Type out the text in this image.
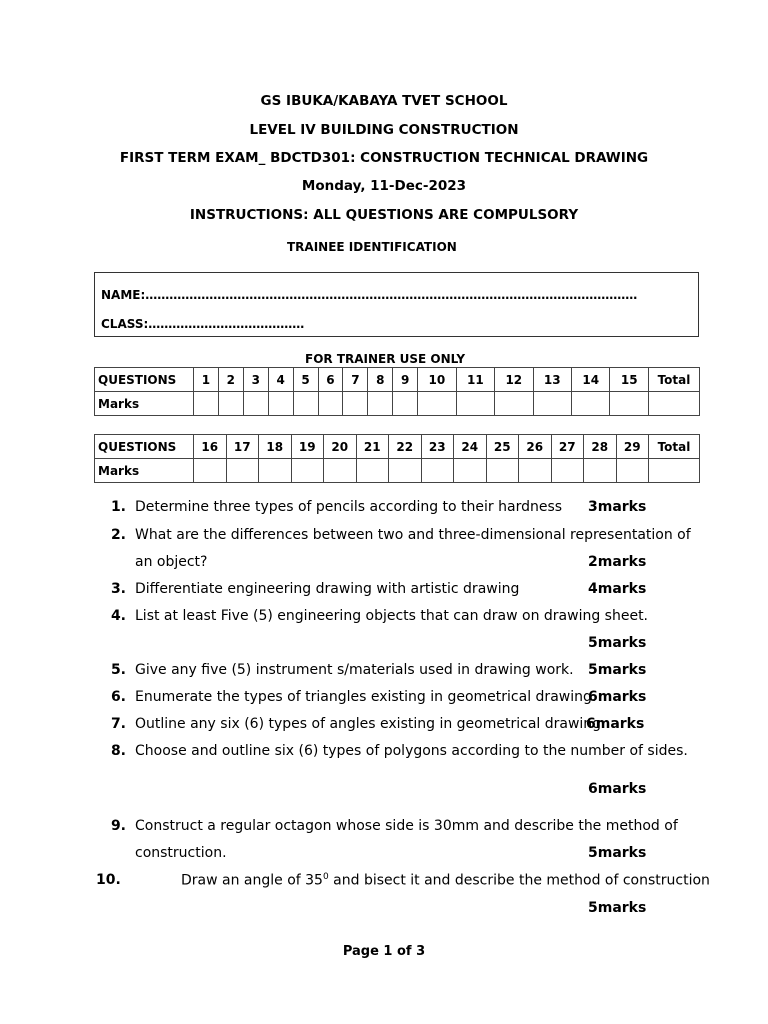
GS IBUKA/KABAYA TVET SCHOOL
LEVEL IV BUILDING CONSTRUCTION
FIRST TERM EXAM_ BDCTD301: CONSTRUCTION TECHNICAL DRAWING
Monday, 11-Dec-2023
INSTRUCTIONS: ALL QUESTIONS ARE COMPULSORY
TRAINEE IDENTIFICATION
NAME:……………………………………………………………………………………………………………
CLASS:…………………………………
FOR TRAINER USE ONLY
QUESTIONS	1	2	3	4	5	6	7	8	9	10	11	12	13	14	15	Total
Marks																
QUESTIONS	16	17	18	19	20	21	22	23	24	25	26	27	28	29	Total
Marks															
1. Determine three types of pencils according to their hardness 3marks
2. What are the differences between two and three-dimensional representation of
an object?	2marks
3. Differentiate engineering drawing with artistic drawing	4marks
4. List at least Five (5) engineering objects that can draw on drawing sheet.
5marks
5. Give any five (5) instrument s/materials used in drawing work. 5marks
6. Enumerate the types of triangles existing in geometrical drawing.
6marks
7. Outline any six (6) types of angles existing in geometrical drawing
6marks
8. Choose and outline six (6) types of polygons according to the number of sides.
6marks
9. Construct a regular octagon whose side is 30mm and describe the method of
construction.	5marks
10.	Draw an angle of $35^0$ and bisect it and describe the method of construction
5marks
Page 1 of 3
